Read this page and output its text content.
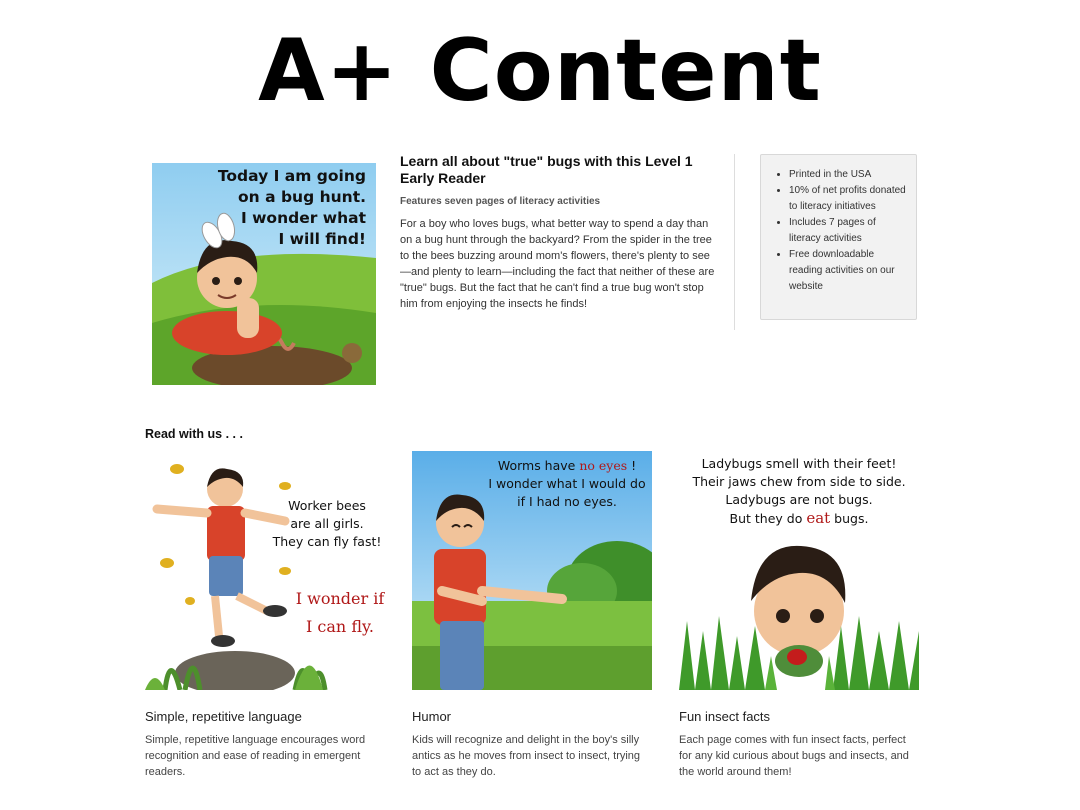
A+ Content
Today I am going
on a bug hunt.
I wonder what
I will find!
Learn all about "true" bugs with this Level 1 Early Reader
Features seven pages of literacy activities

For a boy who loves bugs, what better way to spend a day than on a bug hunt through the backyard? From the spider in the tree to the bees buzzing around mom's flowers, there's plenty to see—and plenty to learn—including the fact that neither of these are "true" bugs. But the fact that he can't find a true bug won't stop him from enjoying the insects he finds!

• Printed in the USA
• 10% of net profits donated to literacy initiatives
• Includes 7 pages of literacy activities
• Free downloadable reading activities on our website
Read with us . . .
Worker bees
are all girls.
They can fly fast!
I wonder if
I can fly.
Simple, repetitive language

Simple, repetitive language encourages word recognition and ease of reading in emergent readers.

Worms have no eyes !
I wonder what I would do
if I had no eyes.
Humor

Kids will recognize and delight in the boy's silly antics as he moves from insect to insect, trying to act as they do.

Ladybugs smell with their feet!
Their jaws chew from side to side.
Ladybugs are not bugs.
But they do eat bugs.
Fun insect facts

Each page comes with fun insect facts, perfect for any kid curious about bugs and insects, and the world around them!
